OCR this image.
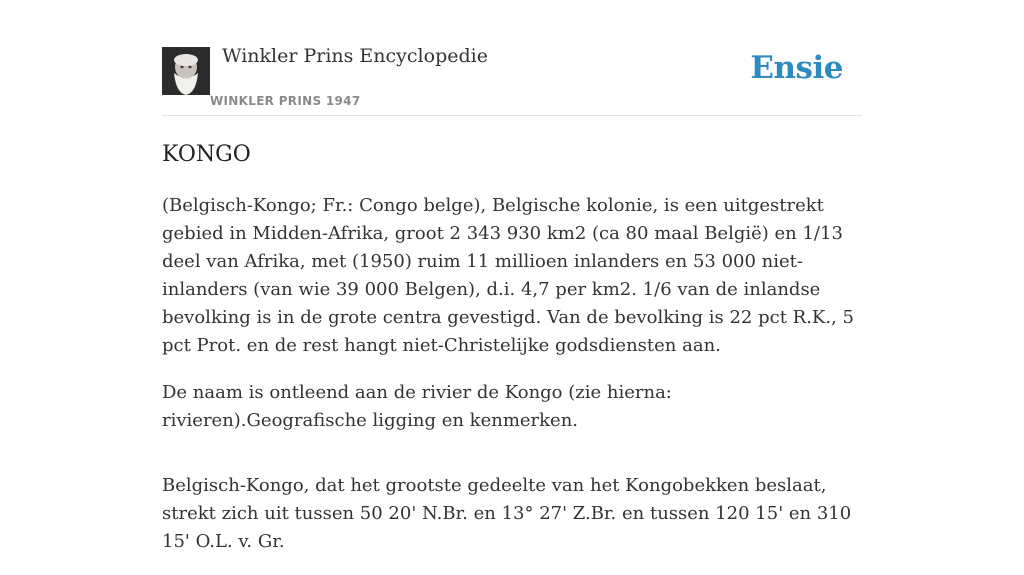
Winkler Prins Encyclopedie
WINKLER PRINS 1947
Ensie
KONGO

(Belgisch-Kongo; Fr.: Congo belge), Belgische kolonie, is een uitgestrekt gebied in Midden-Afrika, groot 2 343 930 km2 (ca 80 maal België) en 1/13 deel van Afrika, met (1950) ruim 11 millioen inlanders en 53 000 niet-inlanders (van wie 39 000 Belgen), d.i. 4,7 per km2. 1/6 van de inlandse bevolking is in de grote centra gevestigd. Van de bevolking is 22 pct R.K., 5 pct Prot. en de rest hangt niet-Christelijke godsdiensten aan.

De naam is ontleend aan de rivier de Kongo (zie hierna: rivieren).Geografische ligging en kenmerken.

Belgisch-Kongo, dat het grootste gedeelte van het Kongobekken beslaat, strekt zich uit tussen 50 20' N.Br. en 13° 27' Z.Br. en tussen 120 15' en 310 15' O.L. v. Gr.
